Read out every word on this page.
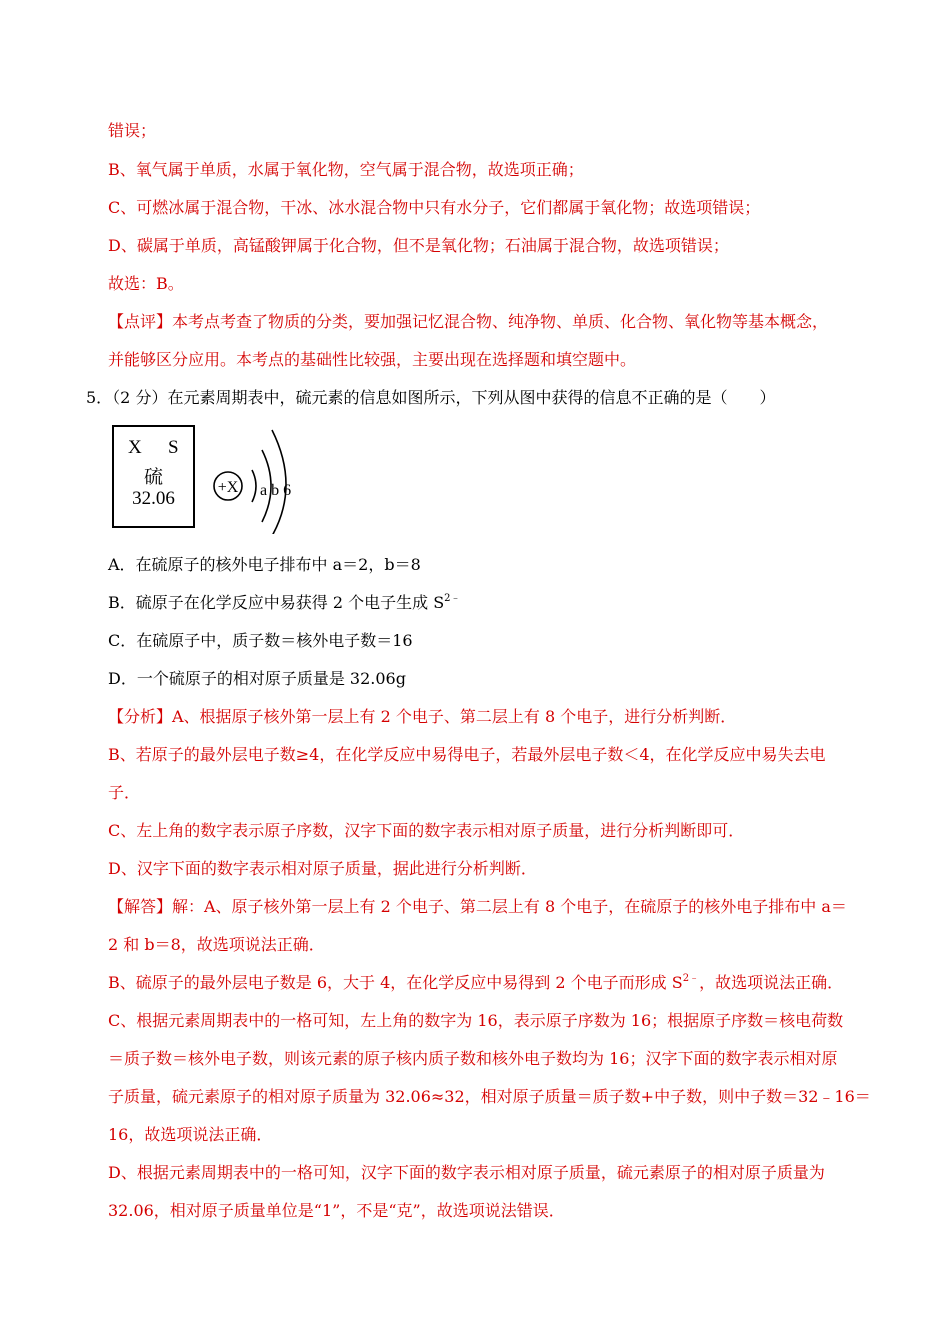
错误；
B、氧气属于单质，水属于氧化物，空气属于混合物，故选项正确；
C、可燃冰属于混合物，干冰、冰水混合物中只有水分子，它们都属于氧化物；故选项错误；
D、碳属于单质，高锰酸钾属于化合物，但不是氧化物；石油属于混合物，故选项错误；
故选：B。
【点评】本考点考查了物质的分类，要加强记忆混合物、纯净物、单质、化合物、氧化物等基本概念，
并能够区分应用。本考点的基础性比较强，主要出现在选择题和填空题中。
5．（2 分）在元素周期表中，硫元素的信息如图所示，下列从图中获得的信息不正确的是（　　）
X S
硫
32.06
+X a b 6
A．在硫原子的核外电子排布中 a＝2，b＝8
B．硫原子在化学反应中易获得 2 个电子生成 $S^{2﹣}$
C．在硫原子中，质子数＝核外电子数＝16
D．一个硫原子的相对原子质量是 32.06g
【分析】A、根据原子核外第一层上有 2 个电子、第二层上有 8 个电子，进行分析判断．
B、若原子的最外层电子数≥4，在化学反应中易得电子，若最外层电子数＜4，在化学反应中易失去电
子．
C、左上角的数字表示原子序数，汉字下面的数字表示相对原子质量，进行分析判断即可．
D、汉字下面的数字表示相对原子质量，据此进行分析判断．
【解答】解：A、原子核外第一层上有 2 个电子、第二层上有 8 个电子，在硫原子的核外电子排布中 a＝
2 和 b＝8，故选项说法正确．
B、硫原子的最外层电子数是 6，大于 4，在化学反应中易得到 2 个电子而形成 $S^{2﹣}$，故选项说法正确．
C、根据元素周期表中的一格可知，左上角的数字为 16，表示原子序数为 16；根据原子序数＝核电荷数
＝质子数＝核外电子数，则该元素的原子核内质子数和核外电子数均为 16；汉字下面的数字表示相对原
子质量，硫元素原子的相对原子质量为 32.06≈32，相对原子质量＝质子数+中子数，则中子数＝32﹣16＝
16，故选项说法正确．
D、根据元素周期表中的一格可知，汉字下面的数字表示相对原子质量，硫元素原子的相对原子质量为
32.06，相对原子质量单位是“1”，不是“克”，故选项说法错误．
